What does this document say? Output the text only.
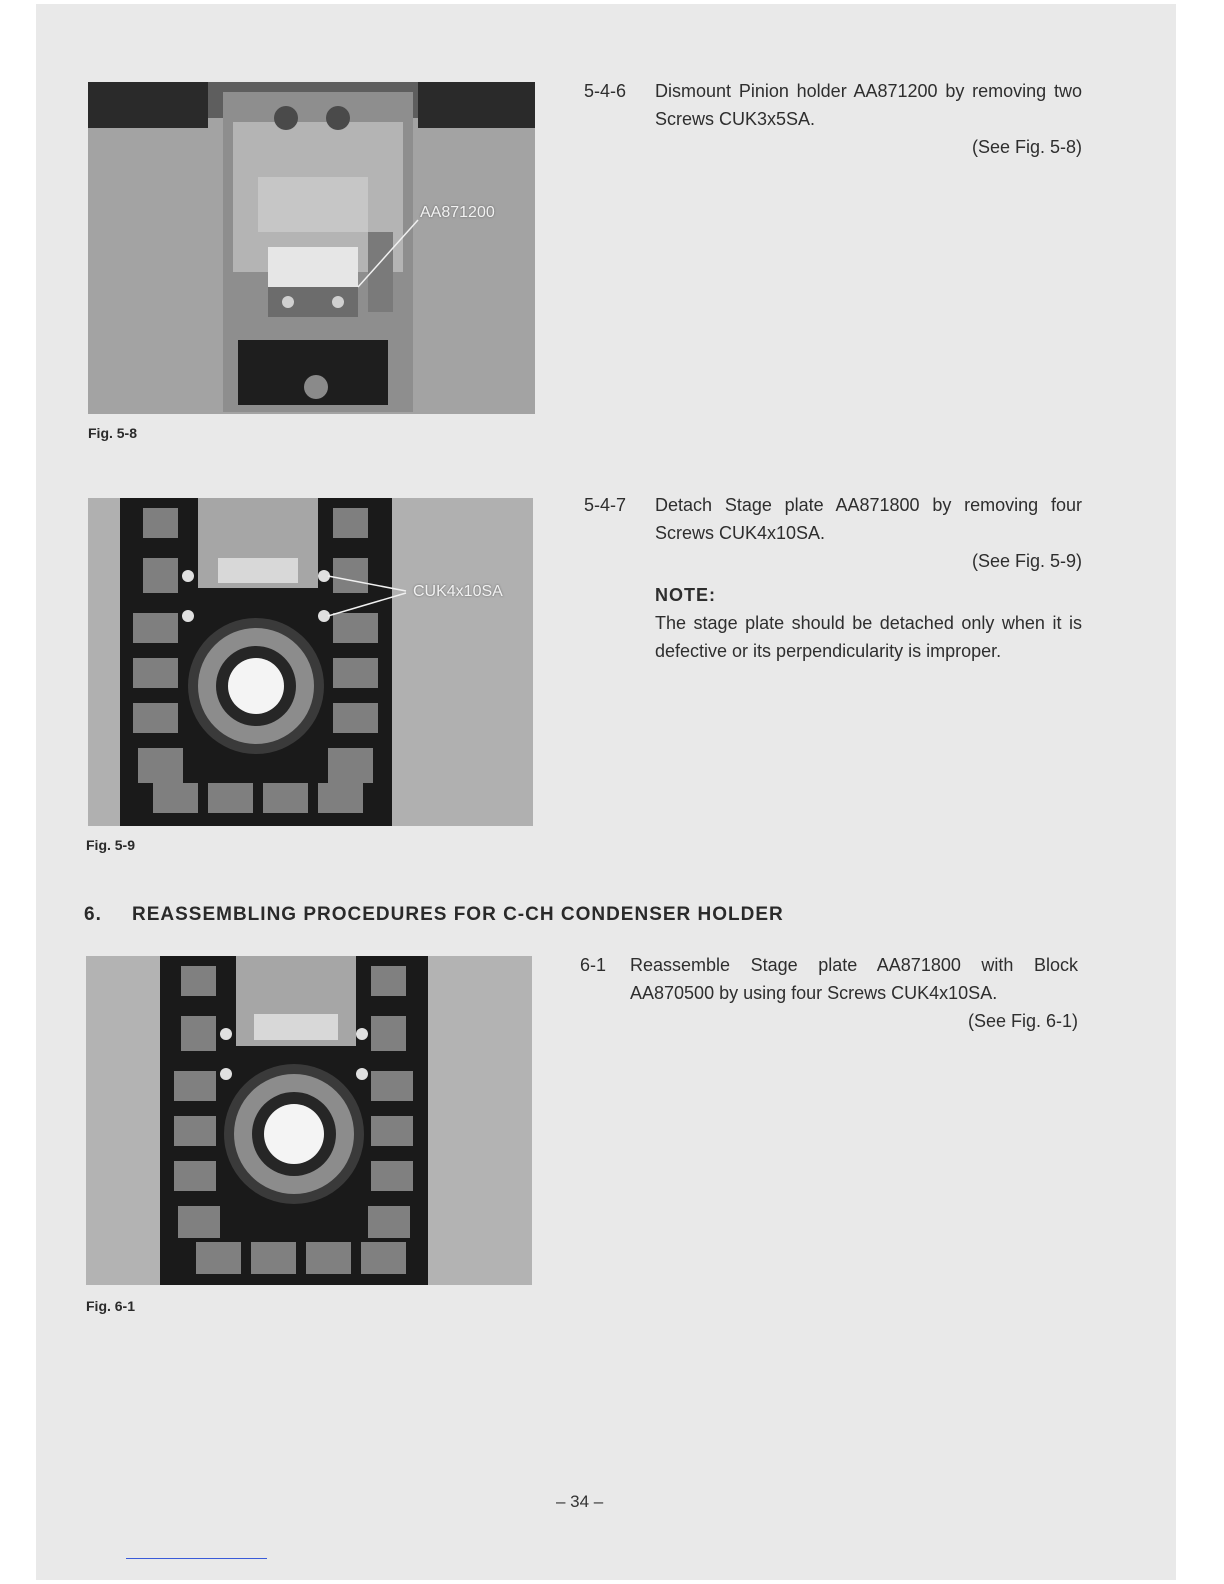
AA871200
Fig. 5-8
CUK4x10SA
Fig. 5-9
6. REASSEMBLING PROCEDURES FOR C-CH CONDENSER HOLDER
Fig. 6-1
5-4-6 Dismount Pinion holder AA871200 by removing two Screws CUK3x5SA.
(See Fig. 5-8)
5-4-7 Detach Stage plate AA871800 by removing four Screws CUK4x10SA.
(See Fig. 5-9)
NOTE:
The stage plate should be detached only when it is defective or its perpendicularity is improper.
6-1 Reassemble Stage plate AA871800 with Block AA870500 by using four Screws CUK4x10SA.
(See Fig. 6-1)
– 34 –
